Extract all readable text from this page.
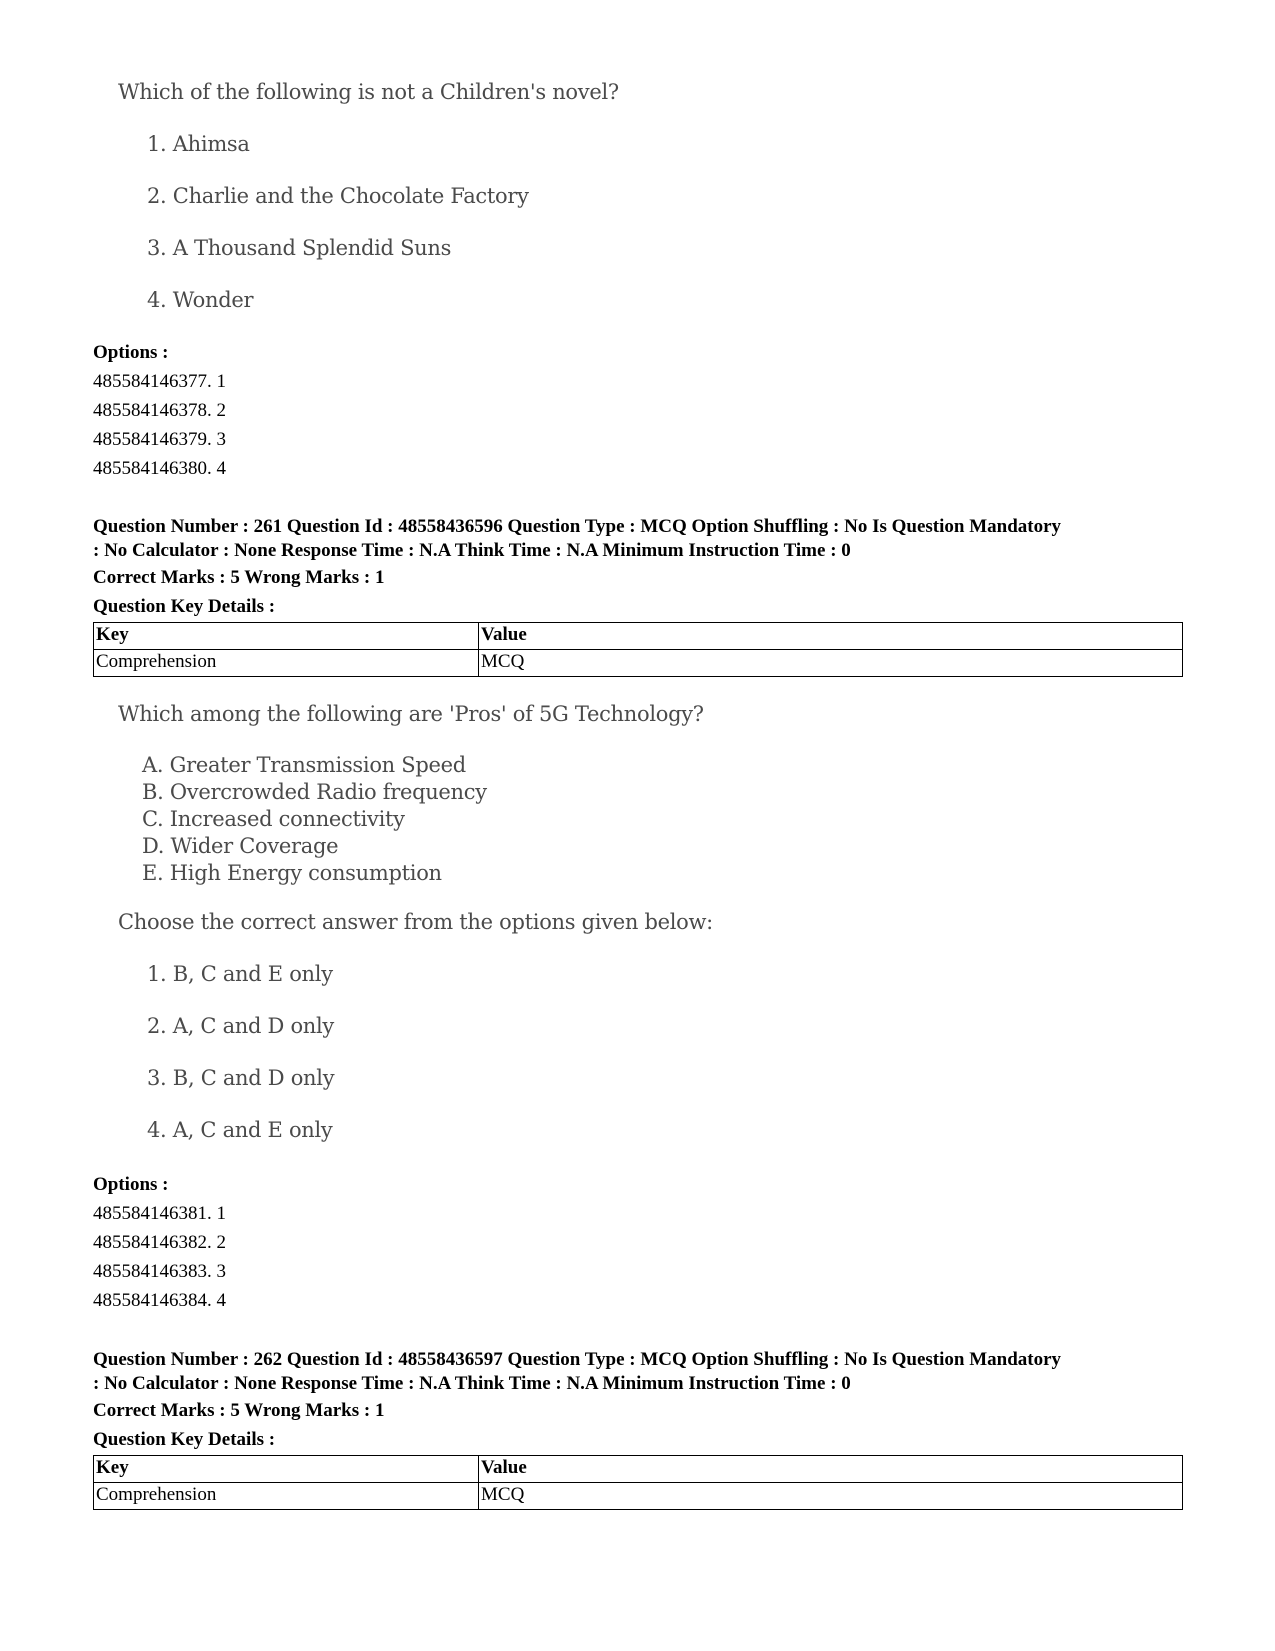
Which of the following is not a Children's novel?
1. Ahimsa
2. Charlie and the Chocolate Factory
3. A Thousand Splendid Suns
4. Wonder
Options :
485584146377. 1
485584146378. 2
485584146379. 3
485584146380. 4
Question Number : 261 Question Id : 48558436596 Question Type : MCQ Option Shuffling : No Is Question Mandatory
: No Calculator : None Response Time : N.A Think Time : N.A Minimum Instruction Time : 0
Correct Marks : 5 Wrong Marks : 1
Question Key Details :
Key	Value
Comprehension	MCQ
Which among the following are 'Pros' of 5G Technology?
A. Greater Transmission Speed
B. Overcrowded Radio frequency
C. Increased connectivity
D. Wider Coverage
E. High Energy consumption
Choose the correct answer from the options given below:
1. B, C and E only
2. A, C and D only
3. B, C and D only
4. A, C and E only
Options :
485584146381. 1
485584146382. 2
485584146383. 3
485584146384. 4
Question Number : 262 Question Id : 48558436597 Question Type : MCQ Option Shuffling : No Is Question Mandatory
: No Calculator : None Response Time : N.A Think Time : N.A Minimum Instruction Time : 0
Correct Marks : 5 Wrong Marks : 1
Question Key Details :
Key	Value
Comprehension	MCQ
